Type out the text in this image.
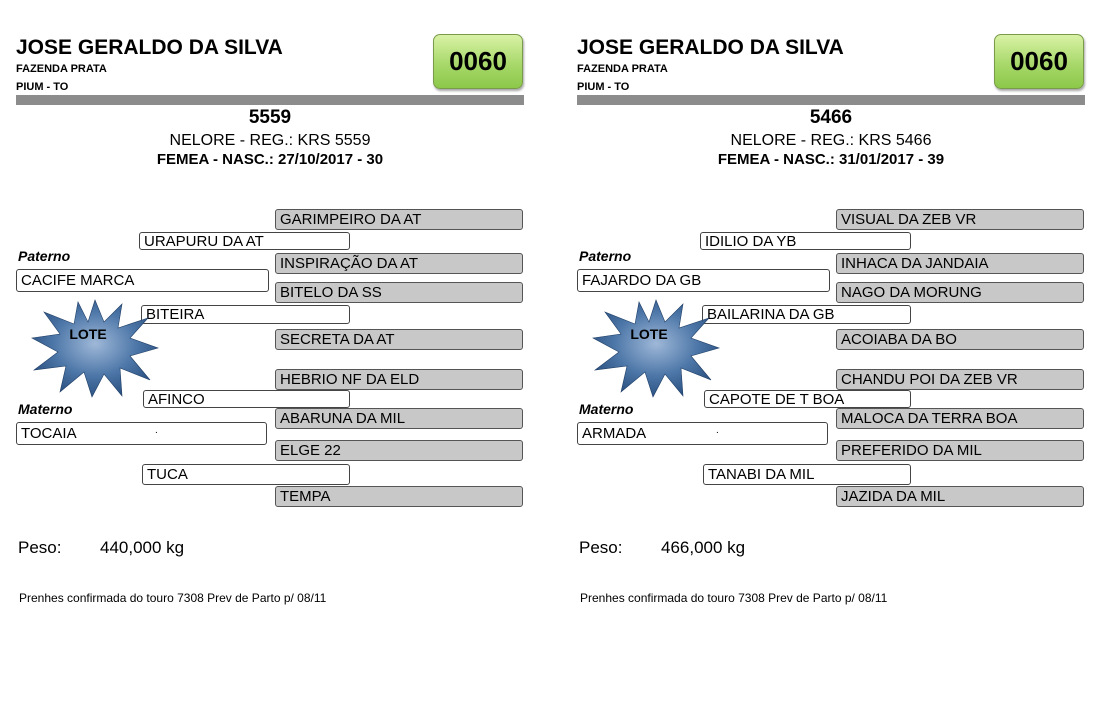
JOSE GERALDO DA SILVA
FAZENDA PRATA
PIUM - TO
0060
5559
NELORE - REG.: KRS 5559
FEMEA - NASC.: 27/10/2017 - 30
GARIMPEIRO DA AT
URAPURU DA AT
Paterno	INSPIRAÇÃO DA AT
CACIFE MARCA
BITELO DA SS
BITEIRA
SECRETA DA AT
LOTE
HEBRIO NF DA ELD
AFINCO
Materno
ABARUNA DA MIL
TOCAIA	.
ELGE 22
TUCA
TEMPA
Peso: 440,000 kg
Prenhes confirmada do touro 7308 Prev de Parto p/ 08/11
JOSE GERALDO DA SILVA
FAZENDA PRATA
PIUM - TO
0060
5466
NELORE - REG.: KRS 5466
FEMEA - NASC.: 31/01/2017 - 39
VISUAL DA ZEB VR
IDILIO DA YB
Paterno	INHACA DA JANDAIA
FAJARDO DA GB
NAGO DA MORUNG
BAILARINA DA GB
ACOIABA DA BO
LOTE
CHANDU POI DA ZEB VR
CAPOTE DE T BOA
Materno
MALOCA DA TERRA BOA
ARMADA	.
PREFERIDO DA MIL
TANABI DA MIL
JAZIDA DA MIL
Peso: 466,000 kg
Prenhes confirmada do touro 7308 Prev de Parto p/ 08/11
